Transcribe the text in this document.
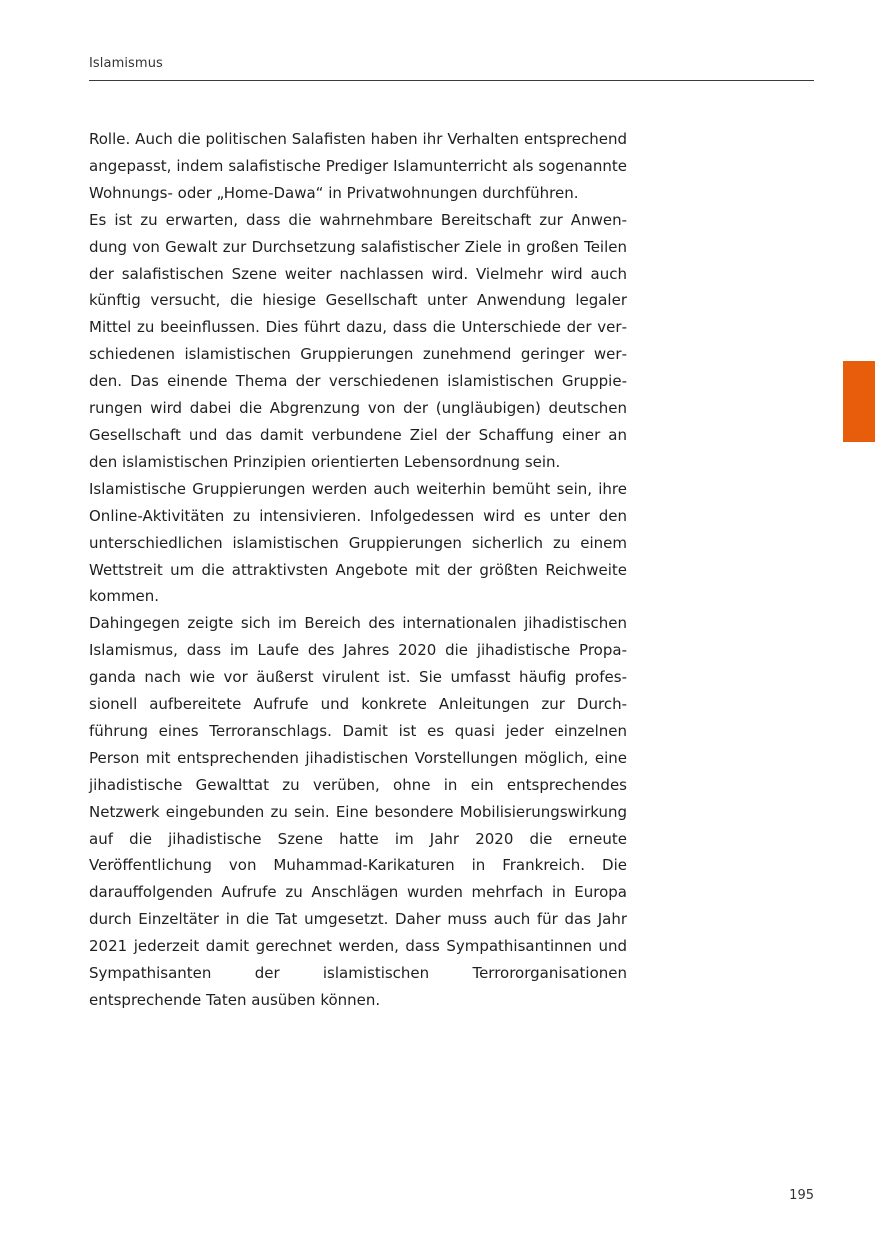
Islamismus

Rolle. Auch die politischen Salafisten haben ihr Verhalten entsprechend angepasst, indem salafistische Prediger Islamunterricht als sogenannte Wohnungs- oder „Home-Dawa“ in Privatwohnungen durchführen.

Es ist zu erwarten, dass die wahrnehmbare Bereitschaft zur Anwendung von Gewalt zur Durchsetzung salafistischer Ziele in großen Teilen der salafistischen Szene weiter nachlassen wird. Vielmehr wird auch künftig versucht, die hiesige Gesellschaft unter Anwendung legaler Mittel zu beeinflussen. Dies führt dazu, dass die Unterschiede der verschiedenen islamistischen Gruppierungen zunehmend geringer werden. Das einende Thema der verschiedenen islamistischen Gruppierungen wird dabei die Abgrenzung von der (ungläubigen) deutschen Gesellschaft und das damit verbundene Ziel der Schaffung einer an den islamistischen Prinzipien orientierten Lebensordnung sein.

Islamistische Gruppierungen werden auch weiterhin bemüht sein, ihre Online-Aktivitäten zu intensivieren. Infolgedessen wird es unter den unterschiedlichen islamistischen Gruppierungen sicherlich zu einem Wettstreit um die attraktivsten Angebote mit der größten Reichweite kommen.

Dahingegen zeigte sich im Bereich des internationalen jihadistischen Islamismus, dass im Laufe des Jahres 2020 die jihadistische Propaganda nach wie vor äußerst virulent ist. Sie umfasst häufig professionell aufbereitete Aufrufe und konkrete Anleitungen zur Durchführung eines Terroranschlags. Damit ist es quasi jeder einzelnen Person mit entsprechenden jihadistischen Vorstellungen möglich, eine jihadistische Gewalttat zu verüben, ohne in ein entsprechendes Netzwerk eingebunden zu sein. Eine besondere Mobilisierungswirkung auf die jihadistische Szene hatte im Jahr 2020 die erneute Veröffentlichung von Muhammad-Karikaturen in Frankreich. Die darauffolgenden Aufrufe zu Anschlägen wurden mehrfach in Europa durch Einzeltäter in die Tat umgesetzt. Daher muss auch für das Jahr 2021 jederzeit damit gerechnet werden, dass Sympathisantinnen und Sympathisanten der islamistischen Terrororganisationen entsprechende Taten ausüben können.

195
